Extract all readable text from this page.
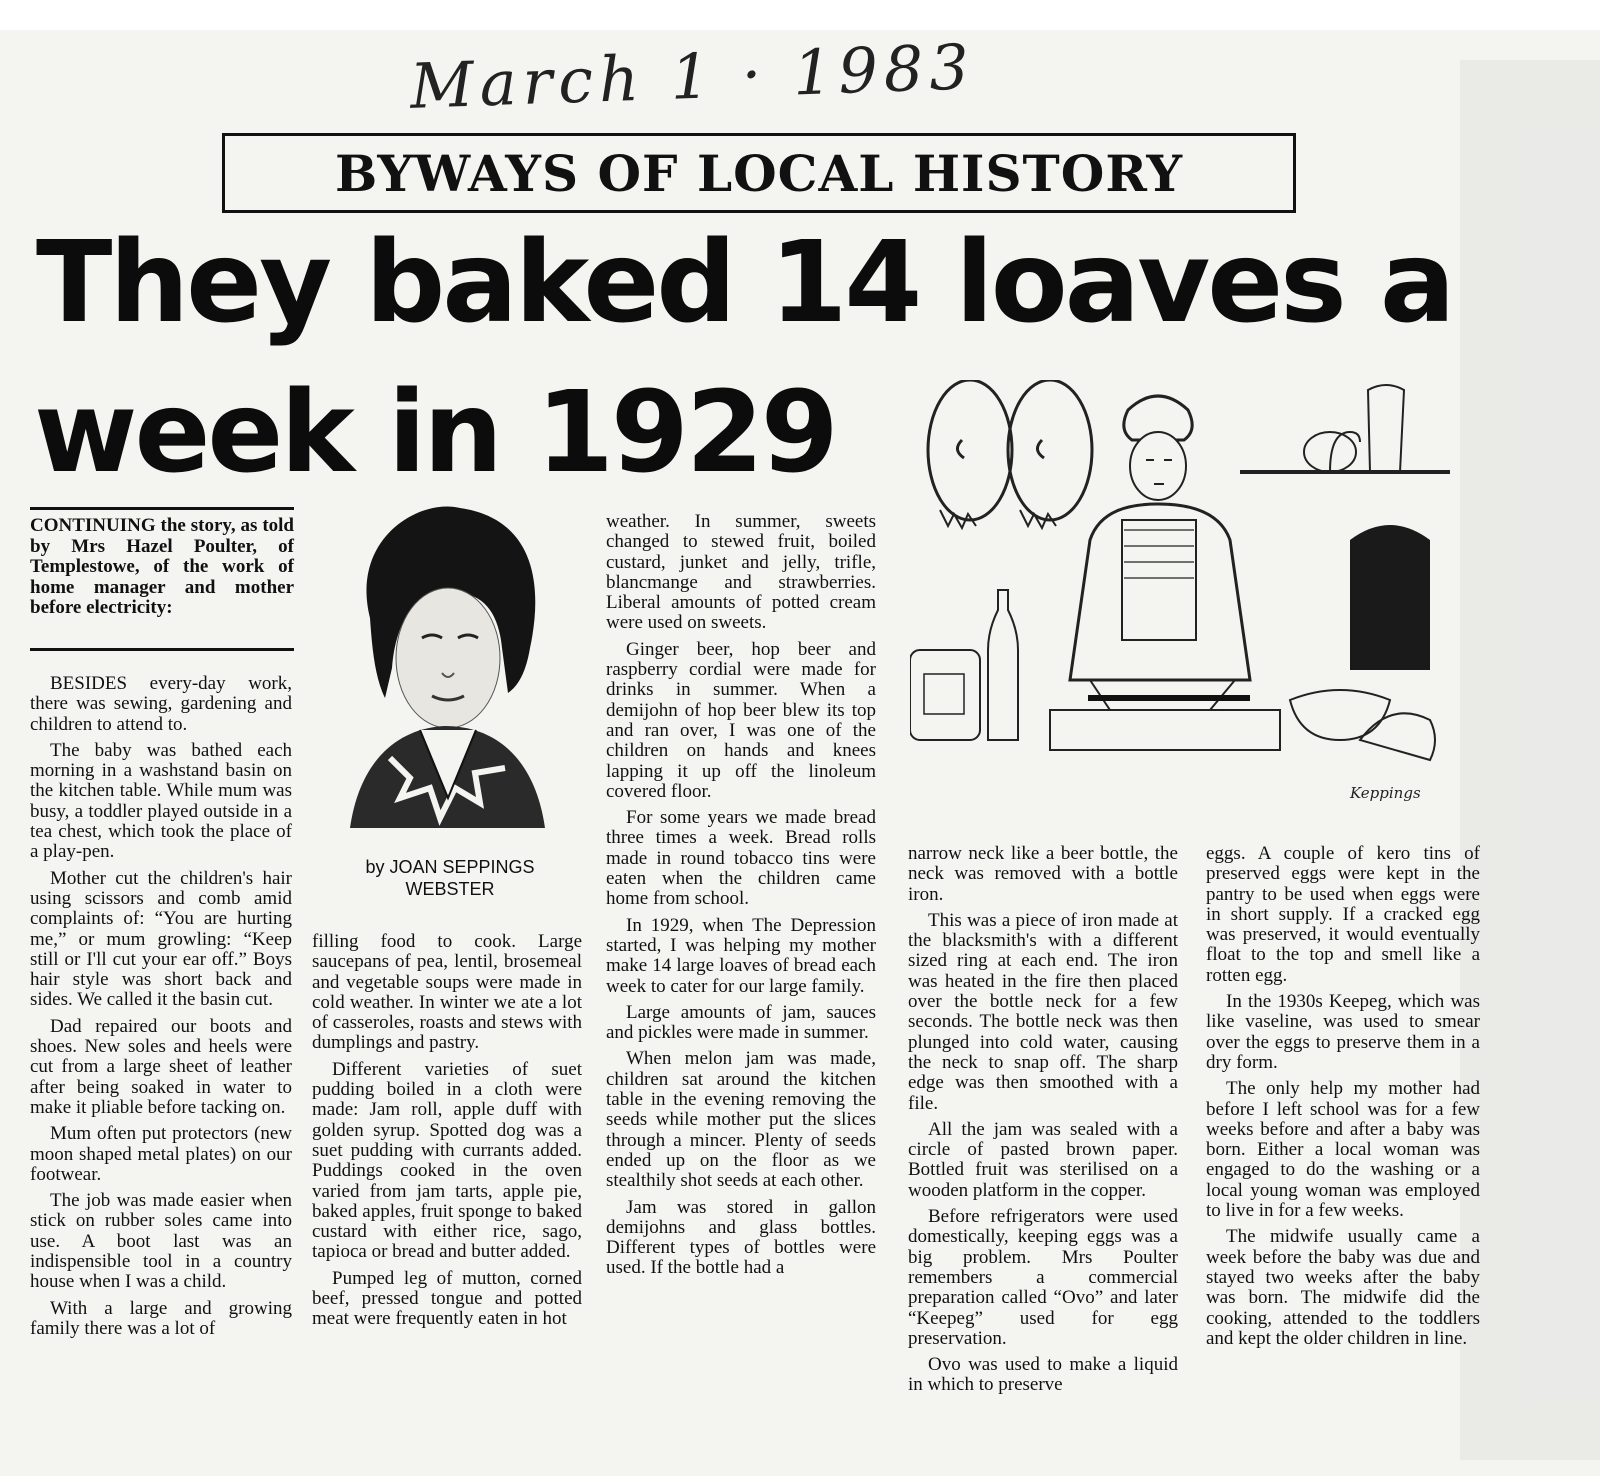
March 1 · 1983
BYWAYS OF LOCAL HISTORY
They baked 14 loaves a
week in 1929
CONTINUING the story, as told by Mrs Hazel Poulter, of Templestowe, of the work of home manager and mother before electricity:

BESIDES every-day work, there was sewing, gardening and children to attend to.

The baby was bathed each morning in a washstand basin on the kitchen table. While mum was busy, a toddler played outside in a tea chest, which took the place of a play-pen.

Mother cut the children's hair using scissors and comb amid complaints of: “You are hurting me,” or mum growling: “Keep still or I'll cut your ear off.” Boys hair style was short back and sides. We called it the basin cut.

Dad repaired our boots and shoes. New soles and heels were cut from a large sheet of leather after being soaked in water to make it pliable before tacking on.

Mum often put protectors (new moon shaped metal plates) on our footwear.

The job was made easier when stick on rubber soles came into use. A boot last was an indispensible tool in a country house when I was a child.

With a large and growing family there was a lot of

by JOAN SEPPINGS
WEBSTER

filling food to cook. Large saucepans of pea, lentil, brosemeal and vegetable soups were made in cold weather. In winter we ate a lot of casseroles, roasts and stews with dumplings and pastry.

Different varieties of suet pudding boiled in a cloth were made: Jam roll, apple duff with golden syrup. Spotted dog was a suet pudding with currants added. Puddings cooked in the oven varied from jam tarts, apple pie, baked apples, fruit sponge to baked custard with either rice, sago, tapioca or bread and butter added.

Pumped leg of mutton, corned beef, pressed tongue and potted meat were frequently eaten in hot

weather. In summer, sweets changed to stewed fruit, boiled custard, junket and jelly, trifle, blancmange and strawberries. Liberal amounts of potted cream were used on sweets.

Ginger beer, hop beer and raspberry cordial were made for drinks in summer. When a demijohn of hop beer blew its top and ran over, I was one of the children on hands and knees lapping it up off the linoleum covered floor.

For some years we made bread three times a week. Bread rolls made in round tobacco tins were eaten when the children came home from school.

In 1929, when The Depression started, I was helping my mother make 14 large loaves of bread each week to cater for our large family.

Large amounts of jam, sauces and pickles were made in summer.

When melon jam was made, children sat around the kitchen table in the evening removing the seeds while mother put the slices through a mincer. Plenty of seeds ended up on the floor as we stealthily shot seeds at each other.

Jam was stored in gallon demijohns and glass bottles. Different types of bottles were used. If the bottle had a

Keppings

narrow neck like a beer bottle, the neck was removed with a bottle iron.

This was a piece of iron made at the blacksmith's with a different sized ring at each end. The iron was heated in the fire then placed over the bottle neck for a few seconds. The bottle neck was then plunged into cold water, causing the neck to snap off. The sharp edge was then smoothed with a file.

All the jam was sealed with a circle of pasted brown paper. Bottled fruit was sterilised on a wooden platform in the copper.

Before refrigerators were used domestically, keeping eggs was a big problem. Mrs Poulter remembers a commercial preparation called “Ovo” and later “Keepeg” used for egg preservation.

Ovo was used to make a liquid in which to preserve

eggs. A couple of kero tins of preserved eggs were kept in the pantry to be used when eggs were in short supply. If a cracked egg was preserved, it would eventually float to the top and smell like a rotten egg.

In the 1930s Keepeg, which was like vaseline, was used to smear over the eggs to preserve them in a dry form.

The only help my mother had before I left school was for a few weeks before and after a baby was born. Either a local woman was engaged to do the washing or a local young woman was employed to live in for a few weeks.

The midwife usually came a week before the baby was due and stayed two weeks after the baby was born. The midwife did the cooking, attended to the toddlers and kept the older children in line.
